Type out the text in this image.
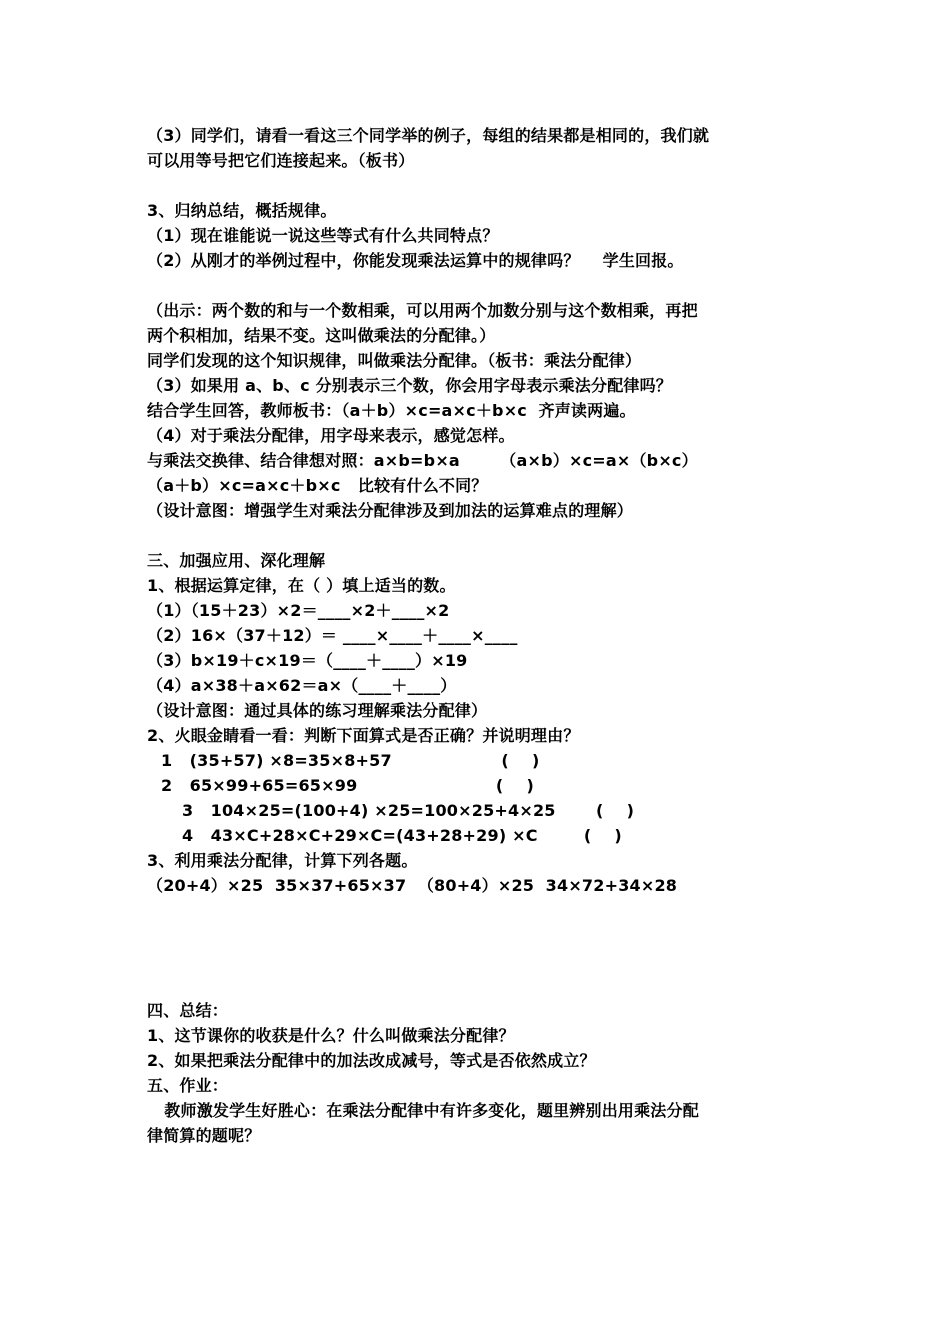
（3）同学们，请看一看这三个同学举的例子，每组的结果都是相同的，我们就
可以用等号把它们连接起来。（板书）
3、归纳总结，概括规律。
（1）现在谁能说一说这些等式有什么共同特点？
（2）从刚才的举例过程中，你能发现乘法运算中的规律吗？    学生回报。
（出示：两个数的和与一个数相乘，可以用两个加数分别与这个数相乘，再把
两个积相加，结果不变。这叫做乘法的分配律。）
同学们发现的这个知识规律，叫做乘法分配律。（板书：乘法分配律）
（3）如果用 a、b、c 分别表示三个数，你会用字母表示乘法分配律吗？
结合学生回答，教师板书：（a＋b）×c=a×c＋b×c  齐声读两遍。
（4）对于乘法分配律，用字母来表示，感觉怎样。
与乘法交换律、结合律想对照：a×b=b×a       （a×b）×c=a×（b×c）
（a＋b）×c=a×c＋b×c   比较有什么不同？
（设计意图：增强学生对乘法分配律涉及到加法的运算难点的理解）
三、加强应用、深化理解
1、根据运算定律，在（ ）填上适当的数。
（1）（15＋23）×2＝____×2＋____×2
（2）16×（37＋12）＝ ____×____＋____×____
（3）b×19＋c×19＝（____＋____）×19
（4）a×38＋a×62＝a×（____＋____）
（设计意图：通过具体的练习理解乘法分配律）
2、火眼金睛看一看：判断下面算式是否正确？并说明理由？
1   (35+57) ×8=35×8+57                   (    )
2   65×99+65=65×99                        (    )
3   104×25=(100+4) ×25=100×25+4×25       (    )
4   43×C+28×C+29×C=(43+28+29) ×C        (    )
3、利用乘法分配律，计算下列各题。
（20+4）×25  35×37+65×37  （80+4）×25  34×72+34×28
四、总结：
1、这节课你的收获是什么？什么叫做乘法分配律？
2、如果把乘法分配律中的加法改成减号，等式是否依然成立？
五、作业：
教师激发学生好胜心：在乘法分配律中有许多变化，题里辨别出用乘法分配
律简算的题呢？
